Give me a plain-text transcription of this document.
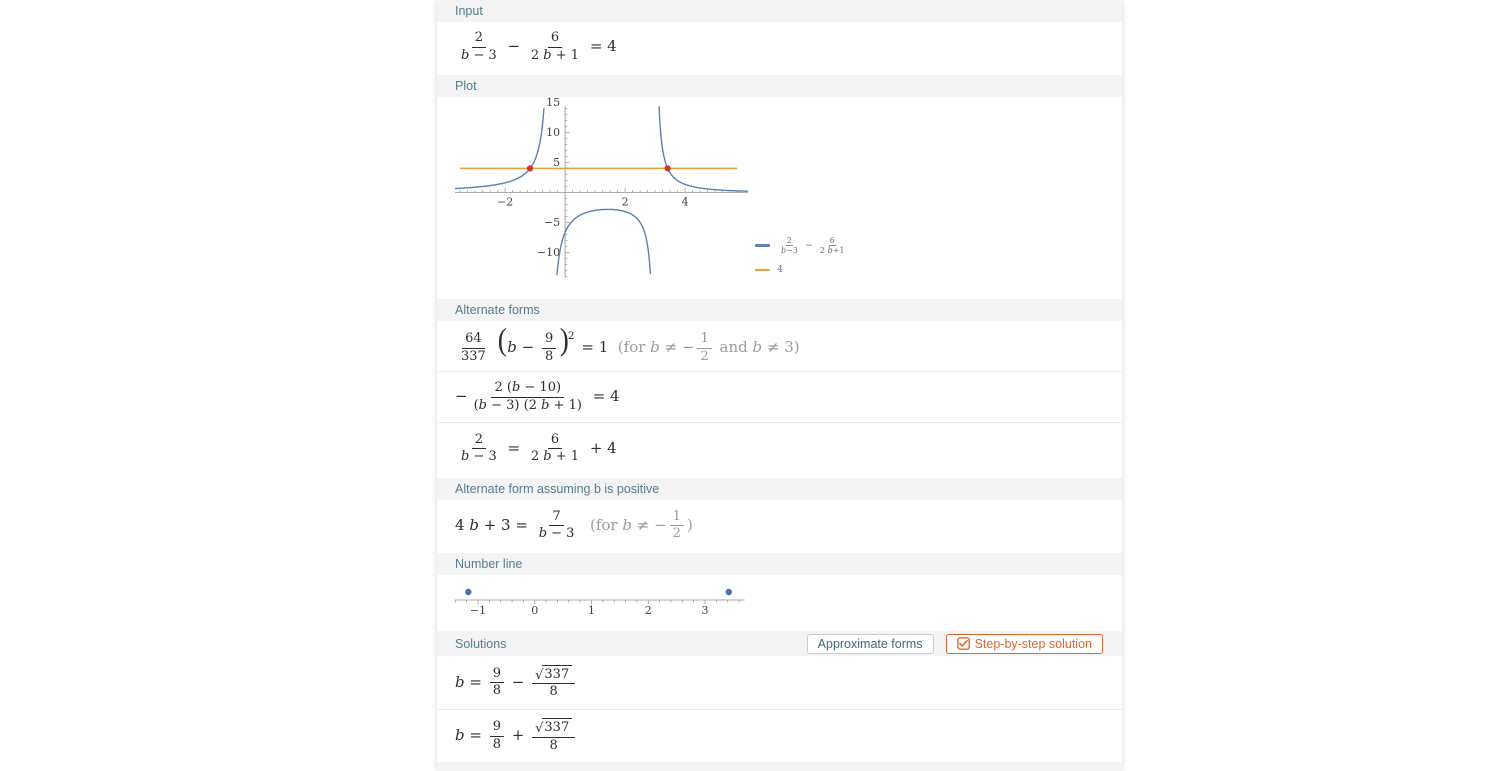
Input
$\frac{2}{b - 3} - \frac{6}{2 b + 1} = 4$
Plot
−2	2	4
−10
−5
5
10
15
$\frac{2}{b-3} - \frac{6}{2 b+1}$
4
Alternate forms
$\frac{64}{337} (b - \frac{9}{8} )^2 = 1$  (for b ≠ − $\frac{1}{2}$ and b ≠ 3)
− $\frac{2 (b - 10)}{(b - 3) (2 b + 1)} = 4$
$\frac{2}{b - 3} = \frac{6}{2 b + 1} + 4$
Alternate form assuming b is positive
4 $b + 3 = \frac{7}{b - 3} (for$ b ≠ − $\frac{1}{2}$ )
Number line
−1	0	1	2	3
Solutions	Approximate forms	Step-by-step solution
$b = \frac{9}{8} - \frac{√337}{8}$
$b = \frac{9}{8} + \frac{√337}{8}$
